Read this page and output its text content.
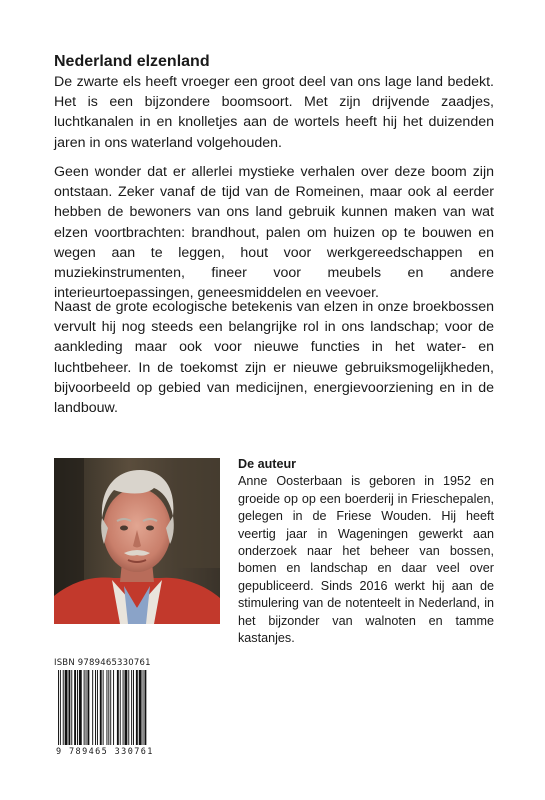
Nederland elzenland

De zwarte els heeft vroeger een groot deel van ons lage land bedekt. Het is een bijzondere boomsoort. Met zijn drijvende zaadjes, luchtkanalen in en knolletjes aan de wortels heeft hij het duizenden jaren in ons waterland volgehouden.

Geen wonder dat er allerlei mystieke verhalen over deze boom zijn ontstaan. Zeker vanaf de tijd van de Romeinen, maar ook al eerder hebben de bewoners van ons land gebruik kunnen maken van wat elzen voortbrachten: brandhout, palen om huizen op te bouwen en wegen aan te leggen, hout voor werkgereedschappen en muziekinstrumenten, fineer voor meubels en andere interieurtoepassingen, geneesmiddelen en veevoer.

Naast de grote ecologische betekenis van elzen in onze broekbossen vervult hij nog steeds een belangrijke rol in ons landschap; voor de aankleding maar ook voor nieuwe functies in het water- en luchtbeheer. In de toekomst zijn er nieuwe gebruiksmogelijkheden, bijvoorbeeld op gebied van medicijnen, energievoorziening en in de landbouw.

De auteur

Anne Oosterbaan is geboren in 1952 en groeide op op een boerderij in Frieschepalen, gelegen in de Friese Wouden. Hij heeft veertig jaar in Wageningen gewerkt aan onderzoek naar het beheer van bossen, bomen en landschap en daar veel over gepubliceerd. Sinds 2016 werkt hij aan de stimulering van de notenteelt in Nederland, in het bijzonder van walnoten en tamme kastanjes.

ISBN 9789465330761
9 789465 330761
